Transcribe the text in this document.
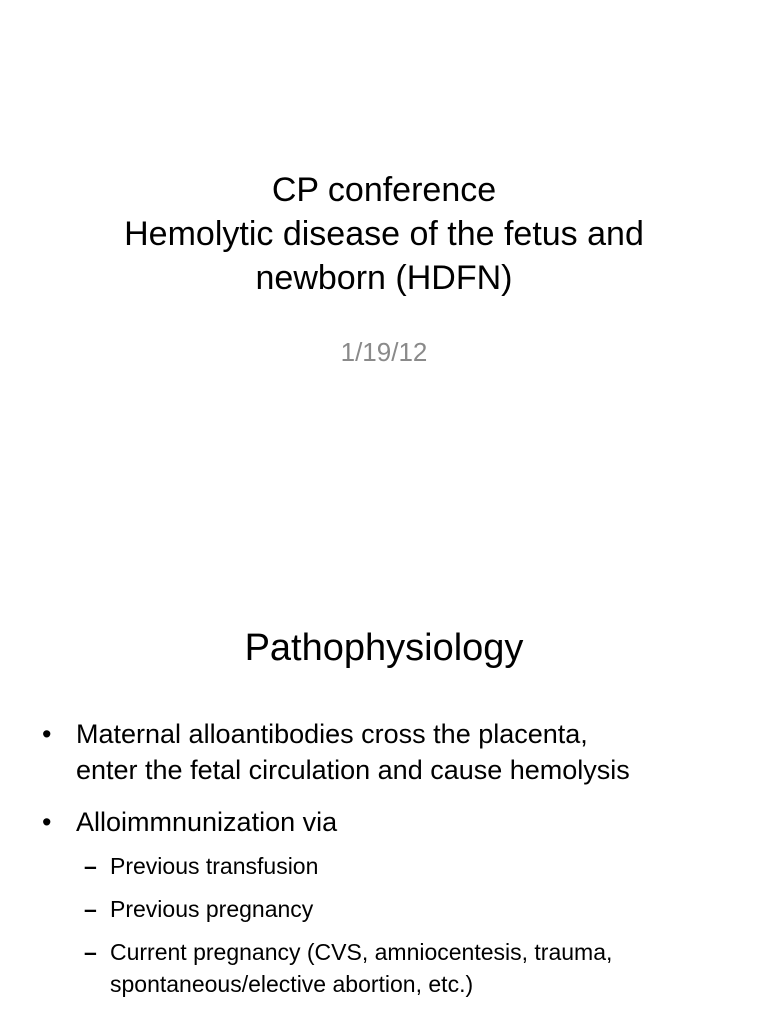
CP conference
Hemolytic disease of the fetus and
newborn (HDFN)
1/19/12
Pathophysiology
• Maternal alloantibodies cross the placenta,
enter the fetal circulation and cause hemolysis
• Alloimmnunization via
– Previous transfusion
– Previous pregnancy
– Current pregnancy (CVS, amniocentesis, trauma,
spontaneous/elective abortion, etc.)
